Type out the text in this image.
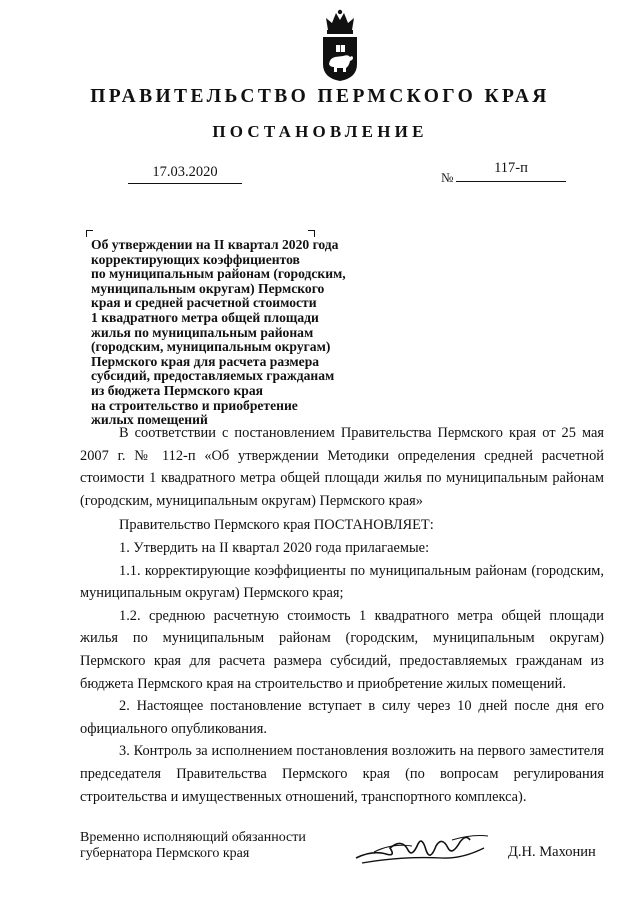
ПРАВИТЕЛЬСТВО ПЕРМСКОГО КРАЯ
ПОСТАНОВЛЕНИЕ
17.03.2020	№
117-п
Об утверждении на II квартал 2020 года
корректирующих коэффициентов
по муниципальным районам (городским,
муниципальным округам) Пермского
края и средней расчетной стоимости
1 квадратного метра общей площади
жилья по муниципальным районам
(городским, муниципальным округам)
Пермского края для расчета размера
субсидий, предоставляемых гражданам
из бюджета Пермского края
на строительство и приобретение
жилых помещений

В соответствии с постановлением Правительства Пермского края от 25 мая 2007 г. № 112-п «Об утверждении Методики определения средней расчетной стоимости 1 квадратного метра общей площади жилья по муниципальным районам (городским, муниципальным округам) Пермского края»

Правительство Пермского края ПОСТАНОВЛЯЕТ:

1. Утвердить на II квартал 2020 года прилагаемые:

1.1. корректирующие коэффициенты по муниципальным районам (городским, муниципальным округам) Пермского края;

1.2. среднюю расчетную стоимость 1 квадратного метра общей площади жилья по муниципальным районам (городским, муниципальным округам) Пермского края для расчета размера субсидий, предоставляемых гражданам из бюджета Пермского края на строительство и приобретение жилых помещений.

2. Настоящее постановление вступает в силу через 10 дней после дня его официального опубликования.

3. Контроль за исполнением постановления возложить на первого заместителя председателя Правительства Пермского края (по вопросам регулирования строительства и имущественных отношений, транспортного комплекса).

Временно исполняющий обязанности
губернатора Пермского края	Д.Н. Махонин
